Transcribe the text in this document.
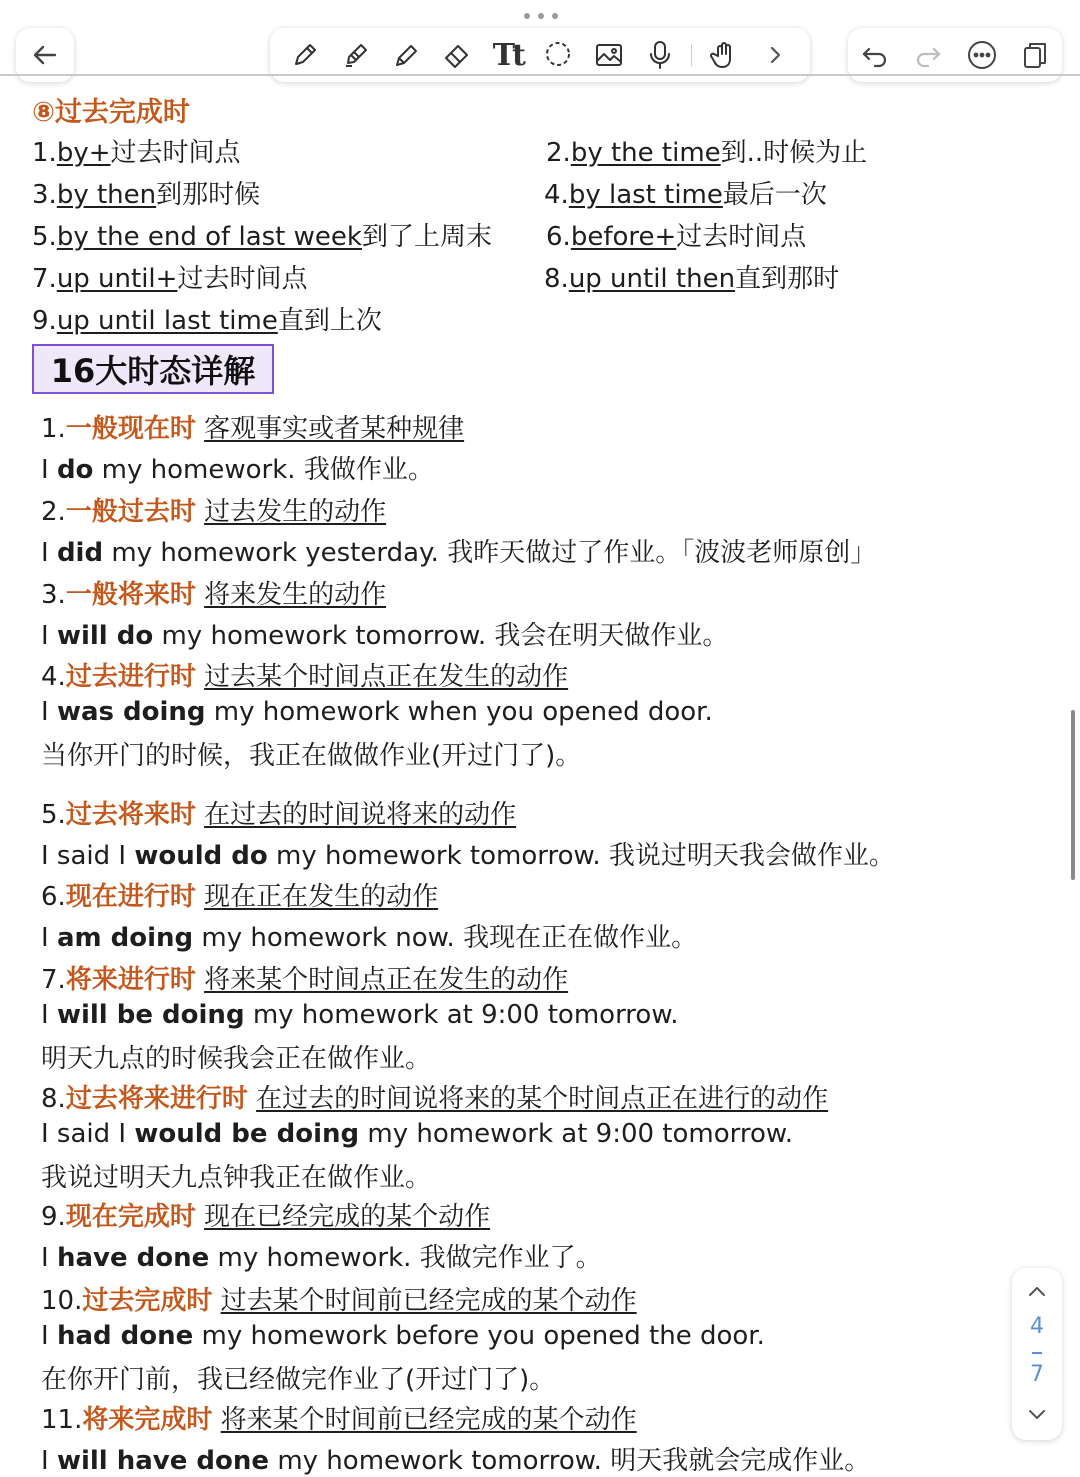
Tt
⑧过去完成时
1.by+过去时间点	2.by the time到..时候为止
3.by then到那时候	4.by last time最后一次
5.by the end of last week到了上周末 6.before+过去时间点
7.up until+过去时间点	8.up until then直到那时
9.up until last time直到上次
16大时态详解
1.一般现在时 客观事实或者某种规律
I do my homework. 我做作业。
2.一般过去时 过去发生的动作
I did my homework yesterday. 我昨天做过了作业。「波波老师原创」
3.一般将来时 将来发生的动作
I will do my homework tomorrow. 我会在明天做作业。
4.过去进行时 过去某个时间点正在发生的动作
I was doing my homework when you opened door.
当你开门的时候，我正在做做作业(开过门了)。
5.过去将来时 在过去的时间说将来的动作
I said I would do my homework tomorrow. 我说过明天我会做作业。
6.现在进行时 现在正在发生的动作
I am doing my homework now. 我现在正在做作业。
7.将来进行时 将来某个时间点正在发生的动作
I will be doing my homework at 9:00 tomorrow.
明天九点的时候我会正在做作业。
8.过去将来进行时 在过去的时间说将来的某个时间点正在进行的动作
I said I would be doing my homework at 9:00 tomorrow.
我说过明天九点钟我正在做作业。
9.现在完成时 现在已经完成的某个动作
I have done my homework. 我做完作业了。
10.过去完成时 过去某个时间前已经完成的某个动作
I had done my homework before you opened the door.
在你开门前，我已经做完作业了(开过门了)。
11.将来完成时 将来某个时间前已经完成的某个动作
I will have done my homework tomorrow. 明天我就会完成作业。
4
7
